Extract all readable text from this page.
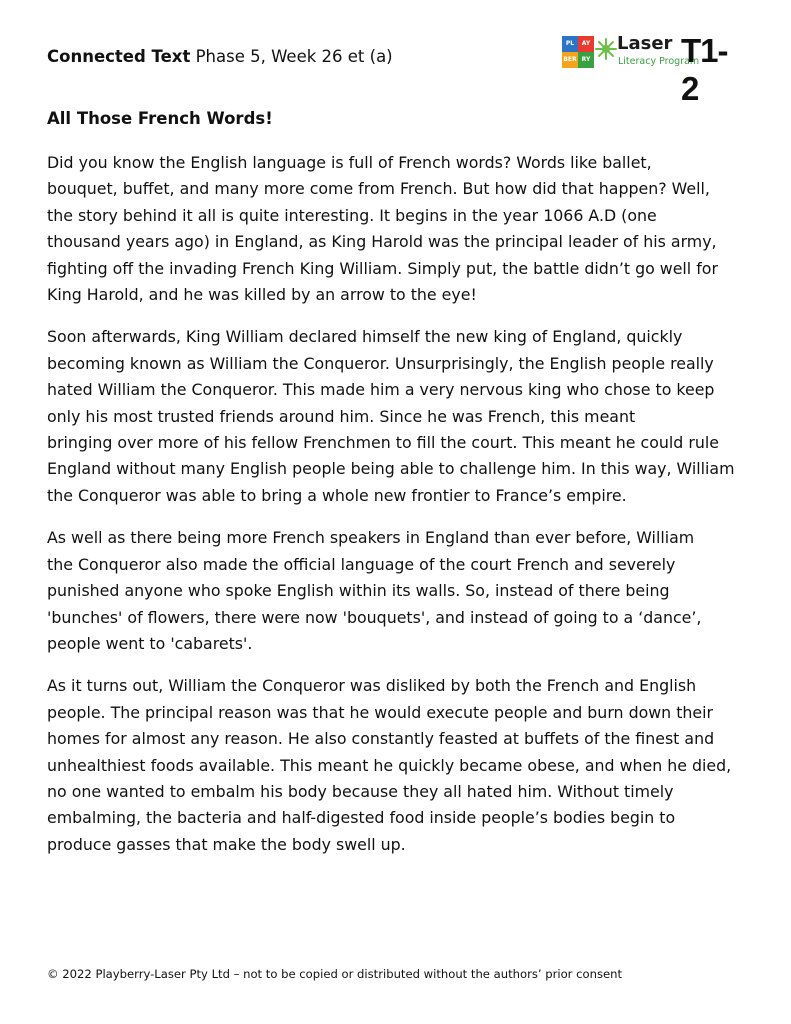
Connected Text Phase 5, Week 26 et (a)
PL	AY
BER RY
Laser
Literacy Program
T1-2
All Those French Words!

Did you know the English language is full of French words? Words like ballet,
bouquet, buffet, and many more come from French. But how did that happen? Well,
the story behind it all is quite interesting. It begins in the year 1066 A.D (one
thousand years ago) in England, as King Harold was the principal leader of his army,
fighting off the invading French King William. Simply put, the battle didn’t go well for
King Harold, and he was killed by an arrow to the eye!

Soon afterwards, King William declared himself the new king of England, quickly
becoming known as William the Conqueror. Unsurprisingly, the English people really
hated William the Conqueror. This made him a very nervous king who chose to keep
only his most trusted friends around him. Since he was French, this meant
bringing over more of his fellow Frenchmen to fill the court. This meant he could rule
England without many English people being able to challenge him. In this way, William
the Conqueror was able to bring a whole new frontier to France’s empire.

As well as there being more French speakers in England than ever before, William
the Conqueror also made the official language of the court French and severely
punished anyone who spoke English within its walls. So, instead of there being
'bunches' of flowers, there were now 'bouquets', and instead of going to a ‘dance’,
people went to 'cabarets'.

As it turns out, William the Conqueror was disliked by both the French and English
people. The principal reason was that he would execute people and burn down their
homes for almost any reason. He also constantly feasted at buffets of the finest and
unhealthiest foods available. This meant he quickly became obese, and when he died,
no one wanted to embalm his body because they all hated him. Without timely
embalming, the bacteria and half-digested food inside people’s bodies begin to
produce gasses that make the body swell up.

© 2022 Playberry-Laser Pty Ltd – not to be copied or distributed without the authors’ prior consent
